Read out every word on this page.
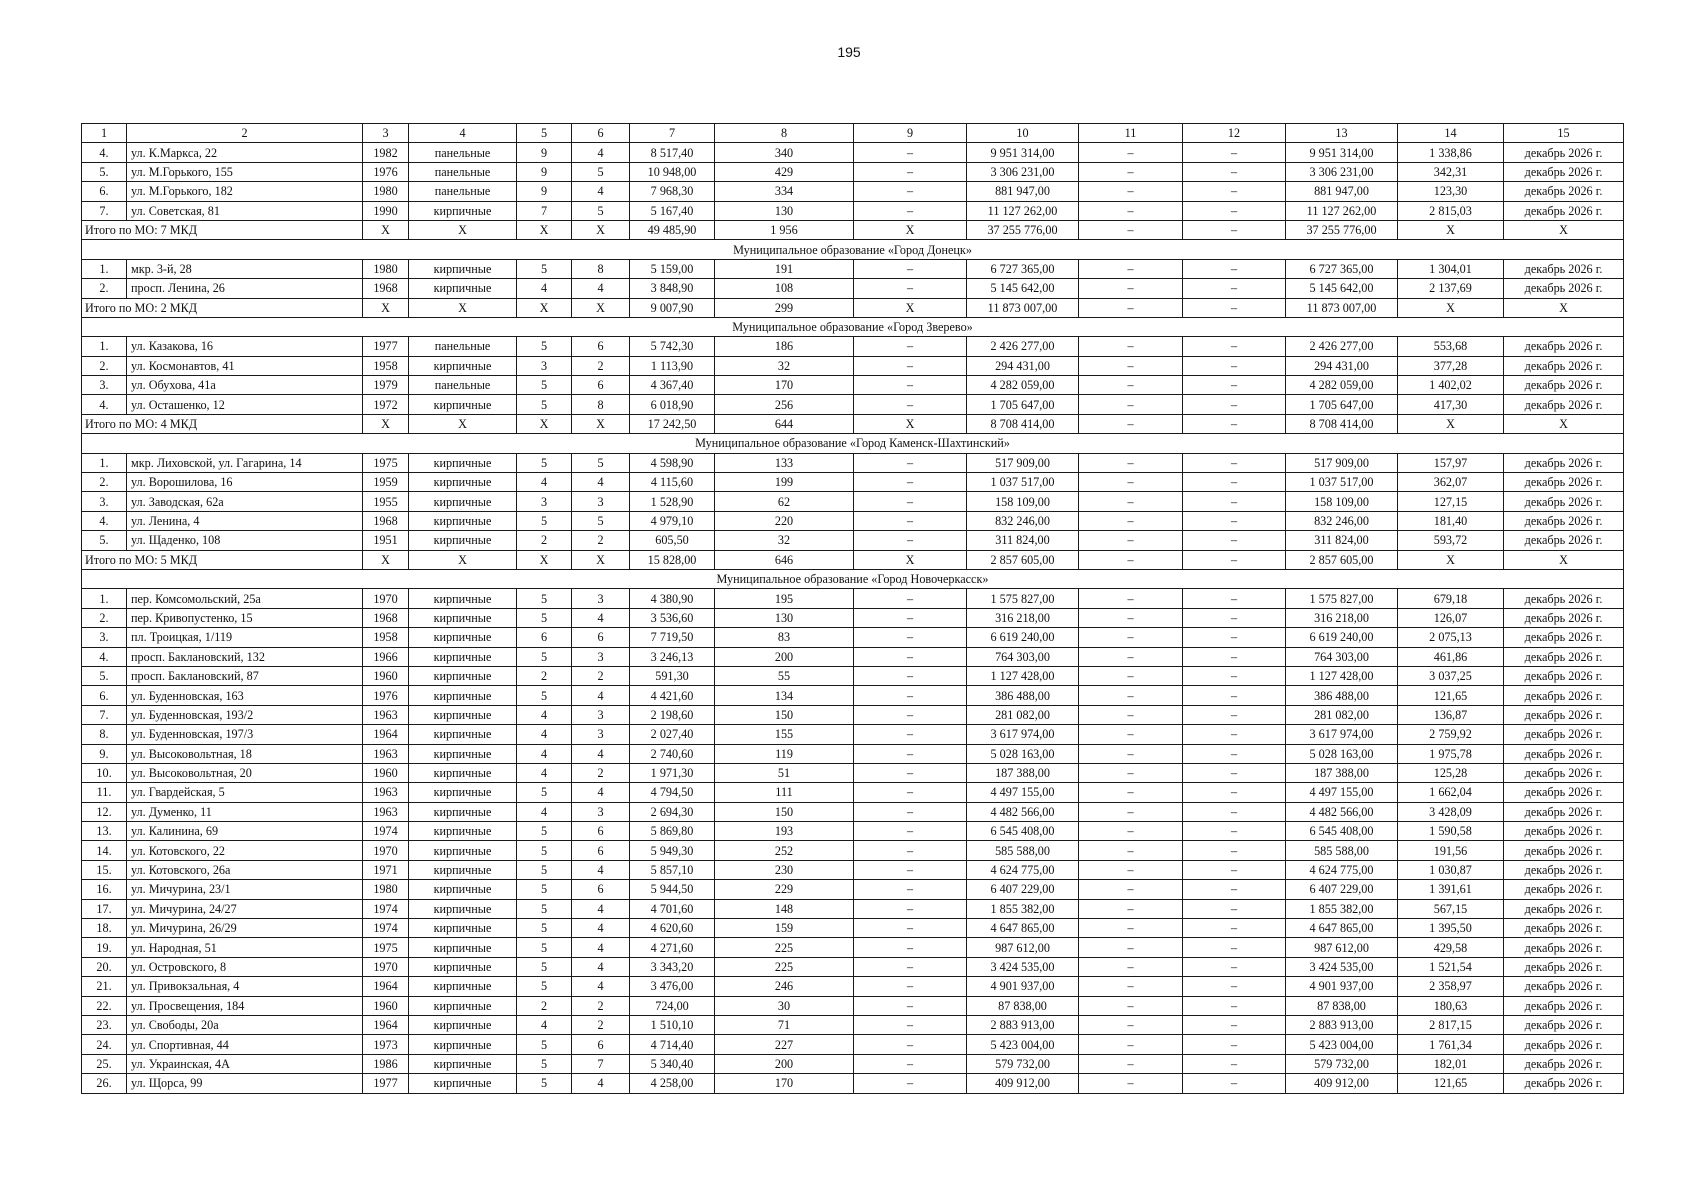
195
1	2	3	4	5	6	7	8	9	10	11	12	13	14	15
4.	ул. К.Маркса, 22	1982	панельные	9	4	8 517,40	340	–	9 951 314,00	–	–	9 951 314,00	1 338,86	декабрь 2026 г.
5.	ул. М.Горького, 155	1976	панельные	9	5	10 948,00	429	–	3 306 231,00	–	–	3 306 231,00	342,31	декабрь 2026 г.
6.	ул. М.Горького, 182	1980	панельные	9	4	7 968,30	334	–	881 947,00	–	–	881 947,00	123,30	декабрь 2026 г.
7.	ул. Советская, 81	1990	кирпичные	7	5	5 167,40	130	–	11 127 262,00	–	–	11 127 262,00	2 815,03	декабрь 2026 г.
Итого по МО: 7 МКД		X	X	X	X	49 485,90	1 956	X	37 255 776,00	–	–	37 255 776,00	X	X
Муниципальное образование «Город Донецк»														
1.	мкр. 3-й, 28	1980	кирпичные	5	8	5 159,00	191	–	6 727 365,00	–	–	6 727 365,00	1 304,01	декабрь 2026 г.
2.	просп. Ленина, 26	1968	кирпичные	4	4	3 848,90	108	–	5 145 642,00	–	–	5 145 642,00	2 137,69	декабрь 2026 г.
Итого по МО: 2 МКД		X	X	X	X	9 007,90	299	X	11 873 007,00	–	–	11 873 007,00	X	X
Муниципальное образование «Город Зверево»														
1.	ул. Казакова, 16	1977	панельные	5	6	5 742,30	186	–	2 426 277,00	–	–	2 426 277,00	553,68	декабрь 2026 г.
2.	ул. Космонавтов, 41	1958	кирпичные	3	2	1 113,90	32	–	294 431,00	–	–	294 431,00	377,28	декабрь 2026 г.
3.	ул. Обухова, 41а	1979	панельные	5	6	4 367,40	170	–	4 282 059,00	–	–	4 282 059,00	1 402,02	декабрь 2026 г.
4.	ул. Осташенко, 12	1972	кирпичные	5	8	6 018,90	256	–	1 705 647,00	–	–	1 705 647,00	417,30	декабрь 2026 г.
Итого по МО: 4 МКД		X	X	X	X	17 242,50	644	X	8 708 414,00	–	–	8 708 414,00	X	X
Муниципальное образование «Город Каменск-Шахтинский»														
1.	мкр. Лиховской, ул. Гагарина, 14	1975	кирпичные	5	5	4 598,90	133	–	517 909,00	–	–	517 909,00	157,97	декабрь 2026 г.
2.	ул. Ворошилова, 16	1959	кирпичные	4	4	4 115,60	199	–	1 037 517,00	–	–	1 037 517,00	362,07	декабрь 2026 г.
3.	ул. Заводская, 62а	1955	кирпичные	3	3	1 528,90	62	–	158 109,00	–	–	158 109,00	127,15	декабрь 2026 г.
4.	ул. Ленина, 4	1968	кирпичные	5	5	4 979,10	220	–	832 246,00	–	–	832 246,00	181,40	декабрь 2026 г.
5.	ул. Щаденко, 108	1951	кирпичные	2	2	605,50	32	–	311 824,00	–	–	311 824,00	593,72	декабрь 2026 г.
Итого по МО: 5 МКД		X	X	X	X	15 828,00	646	X	2 857 605,00	–	–	2 857 605,00	X	X
Муниципальное образование «Город Новочеркасск»														
1.	пер. Комсомольский, 25а	1970	кирпичные	5	3	4 380,90	195	–	1 575 827,00	–	–	1 575 827,00	679,18	декабрь 2026 г.
2.	пер. Кривопустенко, 15	1968	кирпичные	5	4	3 536,60	130	–	316 218,00	–	–	316 218,00	126,07	декабрь 2026 г.
3.	пл. Троицкая, 1/119	1958	кирпичные	6	6	7 719,50	83	–	6 619 240,00	–	–	6 619 240,00	2 075,13	декабрь 2026 г.
4.	просп. Баклановский, 132	1966	кирпичные	5	3	3 246,13	200	–	764 303,00	–	–	764 303,00	461,86	декабрь 2026 г.
5.	просп. Баклановский, 87	1960	кирпичные	2	2	591,30	55	–	1 127 428,00	–	–	1 127 428,00	3 037,25	декабрь 2026 г.
6.	ул. Буденновская, 163	1976	кирпичные	5	4	4 421,60	134	–	386 488,00	–	–	386 488,00	121,65	декабрь 2026 г.
7.	ул. Буденновская, 193/2	1963	кирпичные	4	3	2 198,60	150	–	281 082,00	–	–	281 082,00	136,87	декабрь 2026 г.
8.	ул. Буденновская, 197/3	1964	кирпичные	4	3	2 027,40	155	–	3 617 974,00	–	–	3 617 974,00	2 759,92	декабрь 2026 г.
9.	ул. Высоковольтная, 18	1963	кирпичные	4	4	2 740,60	119	–	5 028 163,00	–	–	5 028 163,00	1 975,78	декабрь 2026 г.
10.	ул. Высоковольтная, 20	1960	кирпичные	4	2	1 971,30	51	–	187 388,00	–	–	187 388,00	125,28	декабрь 2026 г.
11.	ул. Гвардейская, 5	1963	кирпичные	5	4	4 794,50	111	–	4 497 155,00	–	–	4 497 155,00	1 662,04	декабрь 2026 г.
12.	ул. Думенко, 11	1963	кирпичные	4	3	2 694,30	150	–	4 482 566,00	–	–	4 482 566,00	3 428,09	декабрь 2026 г.
13.	ул. Калинина, 69	1974	кирпичные	5	6	5 869,80	193	–	6 545 408,00	–	–	6 545 408,00	1 590,58	декабрь 2026 г.
14.	ул. Котовского, 22	1970	кирпичные	5	6	5 949,30	252	–	585 588,00	–	–	585 588,00	191,56	декабрь 2026 г.
15.	ул. Котовского, 26а	1971	кирпичные	5	4	5 857,10	230	–	4 624 775,00	–	–	4 624 775,00	1 030,87	декабрь 2026 г.
16.	ул. Мичурина, 23/1	1980	кирпичные	5	6	5 944,50	229	–	6 407 229,00	–	–	6 407 229,00	1 391,61	декабрь 2026 г.
17.	ул. Мичурина, 24/27	1974	кирпичные	5	4	4 701,60	148	–	1 855 382,00	–	–	1 855 382,00	567,15	декабрь 2026 г.
18.	ул. Мичурина, 26/29	1974	кирпичные	5	4	4 620,60	159	–	4 647 865,00	–	–	4 647 865,00	1 395,50	декабрь 2026 г.
19.	ул. Народная, 51	1975	кирпичные	5	4	4 271,60	225	–	987 612,00	–	–	987 612,00	429,58	декабрь 2026 г.
20.	ул. Островского, 8	1970	кирпичные	5	4	3 343,20	225	–	3 424 535,00	–	–	3 424 535,00	1 521,54	декабрь 2026 г.
21.	ул. Привокзальная, 4	1964	кирпичные	5	4	3 476,00	246	–	4 901 937,00	–	–	4 901 937,00	2 358,97	декабрь 2026 г.
22.	ул. Просвещения, 184	1960	кирпичные	2	2	724,00	30	–	87 838,00	–	–	87 838,00	180,63	декабрь 2026 г.
23.	ул. Свободы, 20а	1964	кирпичные	4	2	1 510,10	71	–	2 883 913,00	–	–	2 883 913,00	2 817,15	декабрь 2026 г.
24.	ул. Спортивная, 44	1973	кирпичные	5	6	4 714,40	227	–	5 423 004,00	–	–	5 423 004,00	1 761,34	декабрь 2026 г.
25.	ул. Украинская, 4А	1986	кирпичные	5	7	5 340,40	200	–	579 732,00	–	–	579 732,00	182,01	декабрь 2026 г.
26.	ул. Щорса, 99	1977	кирпичные	5	4	4 258,00	170	–	409 912,00	–	–	409 912,00	121,65	декабрь 2026 г.
